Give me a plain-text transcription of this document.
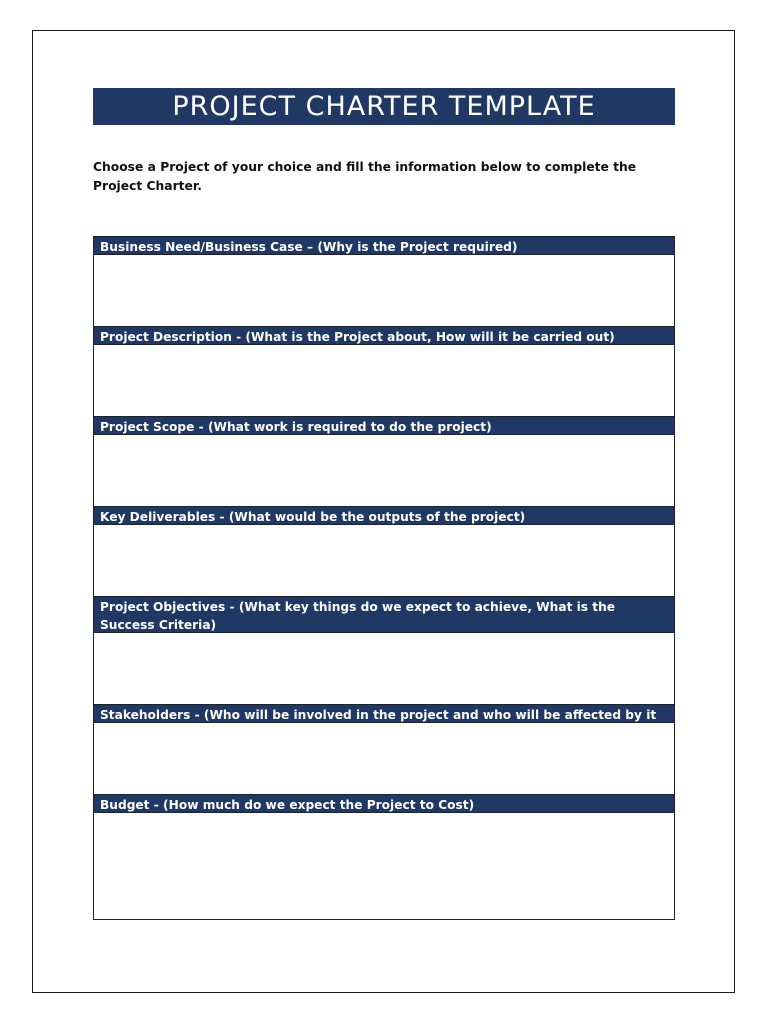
PROJECT CHARTER TEMPLATE
Choose a Project of your choice and fill the information below to complete the Project Charter.
Business Need/Business Case – (Why is the Project required)
Project Description - (What is the Project about, How will it be carried out)
Project Scope - (What work is required to do the project)
Key Deliverables - (What would be the outputs of the project)
Project Objectives - (What key things do we expect to achieve, What is the Success Criteria)
Stakeholders - (Who will be involved in the project and who will be affected by it
Budget - (How much do we expect the Project to Cost)
